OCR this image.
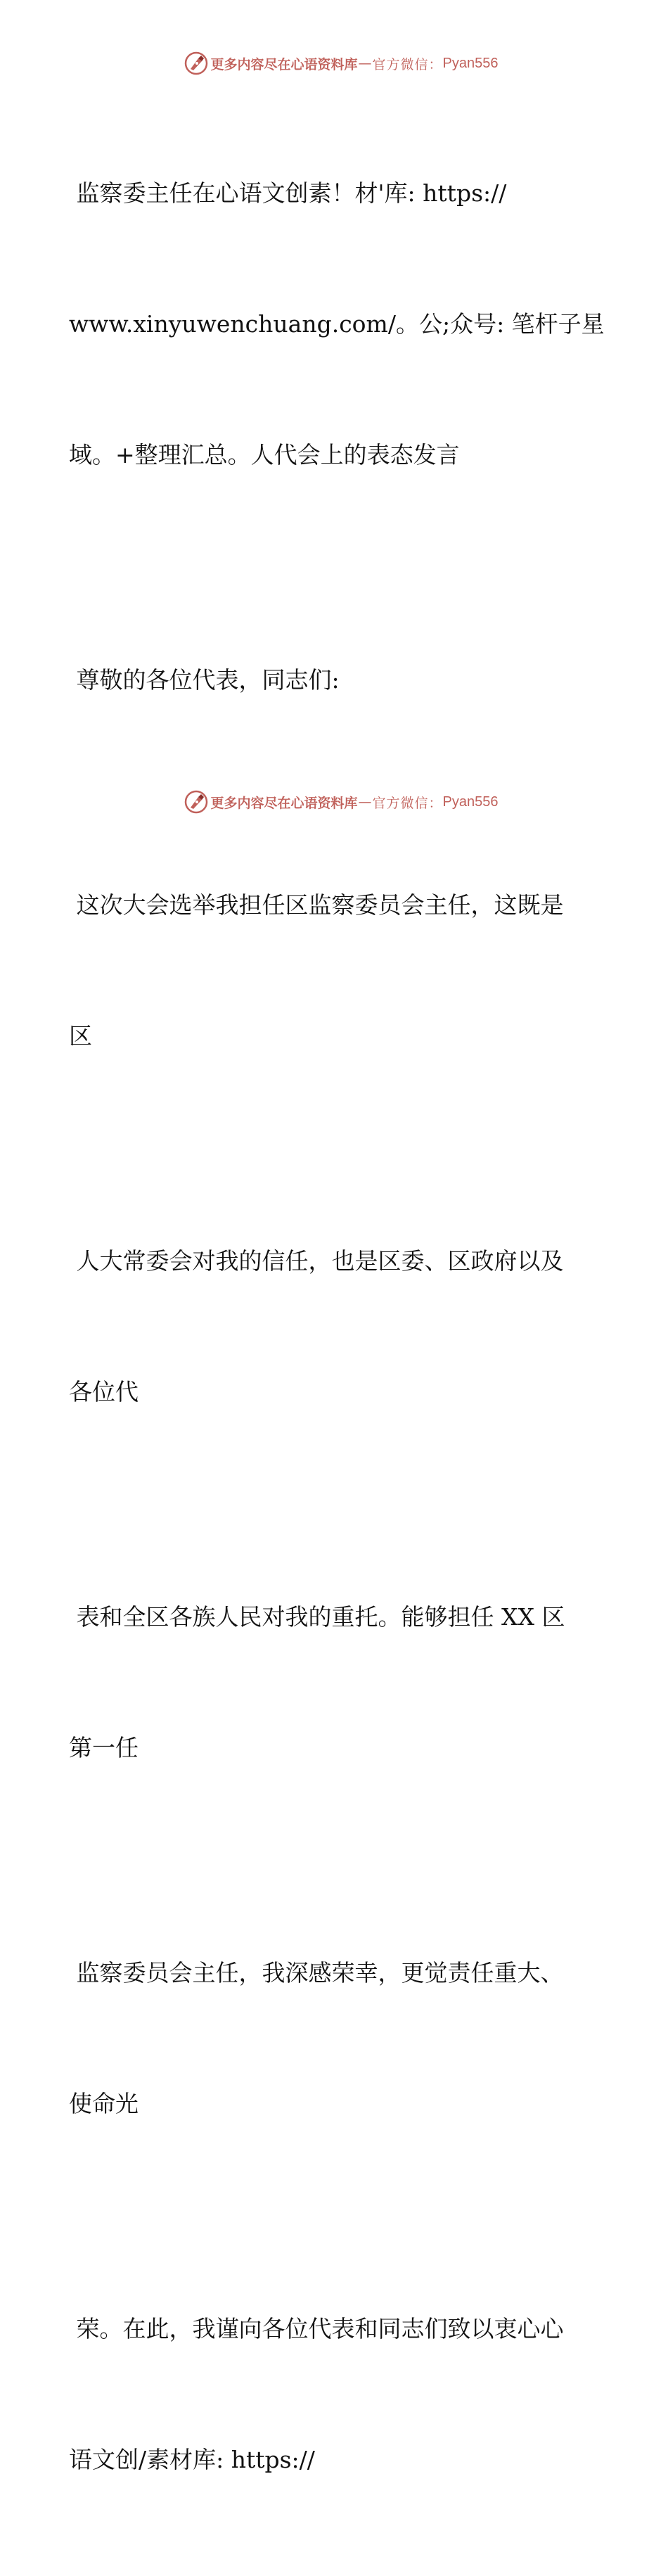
更多内容尽在心语资料库 — 官方微信： Pyan556

监察委主任在心语文创素！材'库: https://

www.xinyuwenchuang.com/。公;众号: 笔杆子星

域。+整理汇总。人代会上的表态发言

尊敬的各位代表，同志们:

这次大会选举我担任区监察委员会主任，这既是

区

人大常委会对我的信任，也是区委、区政府以及

各位代

表和全区各族人民对我的重托。能够担任 XX 区

第一任

监察委员会主任，我深感荣幸，更觉责任重大、

使命光

荣。在此，我谨向各位代表和同志们致以衷心心

语文创/素材库: https://

更多内容尽在心语资料库 — 官方微信： Pyan556
